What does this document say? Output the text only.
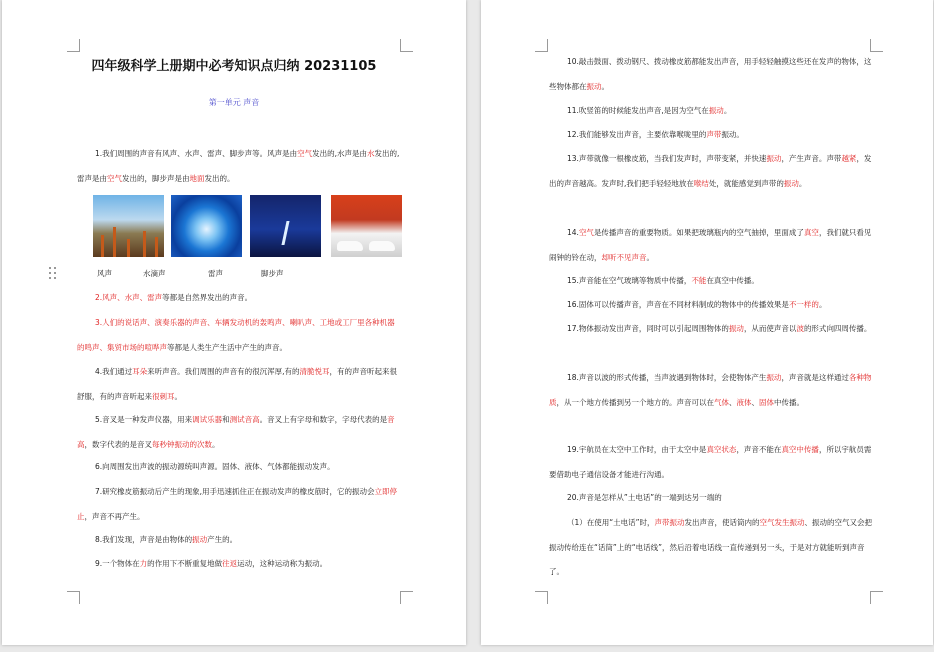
四年级科学上册期中必考知识点归纳 20231105
第一单元 声音

1.我们周围的声音有风声、水声、雷声、脚步声等。风声是由空气发出的,水声是由水发出的,雷声是由空气发出的，脚步声是由地面发出的。

风声	水滴声	雷声	脚步声

2.风声、水声、雷声等都是自然界发出的声音。

3.人们的说话声、演奏乐器的声音、车辆发动机的轰鸣声、喇叭声、工地或工厂里各种机器的鸣声、集贸市场的喧哗声等都是人类生产生活中产生的声音。

4.我们通过耳朵来听声音。我们周围的声音有的很沉浑厚,有的清脆悦耳，有的声音听起来很舒服，有的声音听起来很刺耳。

5.音叉是一种发声仪器，用来调试乐器和测试音高。音叉上有字母和数字，字母代表的是音高，数字代表的是音叉每秒钟振动的次数。

6.向周围发出声波的振动源统叫声源。固体、液体、气体都能振动发声。

7.研究橡皮筋振动后产生的现象,用手迅速抓住正在振动发声的橡皮筋时，它的振动会立即停止，声音不再产生。

8.我们发现，声音是由物体的振动产生的。

9.一个物体在力的作用下不断重复地做往返运动，这种运动称为振动。

10.敲击鼓面、拨动钢尺、拨动橡皮筋都能发出声音，用手轻轻触摸这些还在发声的物体，这些物体都在振动。

11.吹竖笛的时候能发出声音,是因为空气在振动。

12.我们能够发出声音，主要依靠喉咙里的声带振动。

13.声带就像一根橡皮筋，当我们发声时，声带变紧，并快速振动，产生声音。声带越紧，发出的声音越高。发声时,我们把手轻轻地放在喉结处，就能感觉到声带的振动。

14.空气是传播声音的重要物质。如果把玻璃瓶内的空气抽掉，里面成了真空，我们就只看见闹钟的铃在动，却听不见声音。

15.声音能在空气玻璃等物质中传播，不能在真空中传播。

16.固体可以传播声音，声音在不同材料制成的物体中的传播效果是不一样的。

17.物体振动发出声音，同时可以引起周围物体的振动，从而使声音以波的形式向四周传播。

18.声音以波的形式传播，当声波遇到物体时，会使物体产生振动，声音就是这样通过各种物质，从一个地方传播到另一个地方的。声音可以在气体、液体、固体中传播。

19.宇航员在太空中工作时，由于太空中是真空状态，声音不能在真空中传播，所以宇航员需要借助电子通信设备才能进行沟通。

20.声音是怎样从”土电话”的一端到达另一端的

（1）在使用“土电话”时，声带振动发出声音，使话筒内的空气发生振动、振动的空气又会把振动传给连在“话筒”上的“电话线”，然后沿着电话线一直传递到另一头，于是对方就能听到声音了。
